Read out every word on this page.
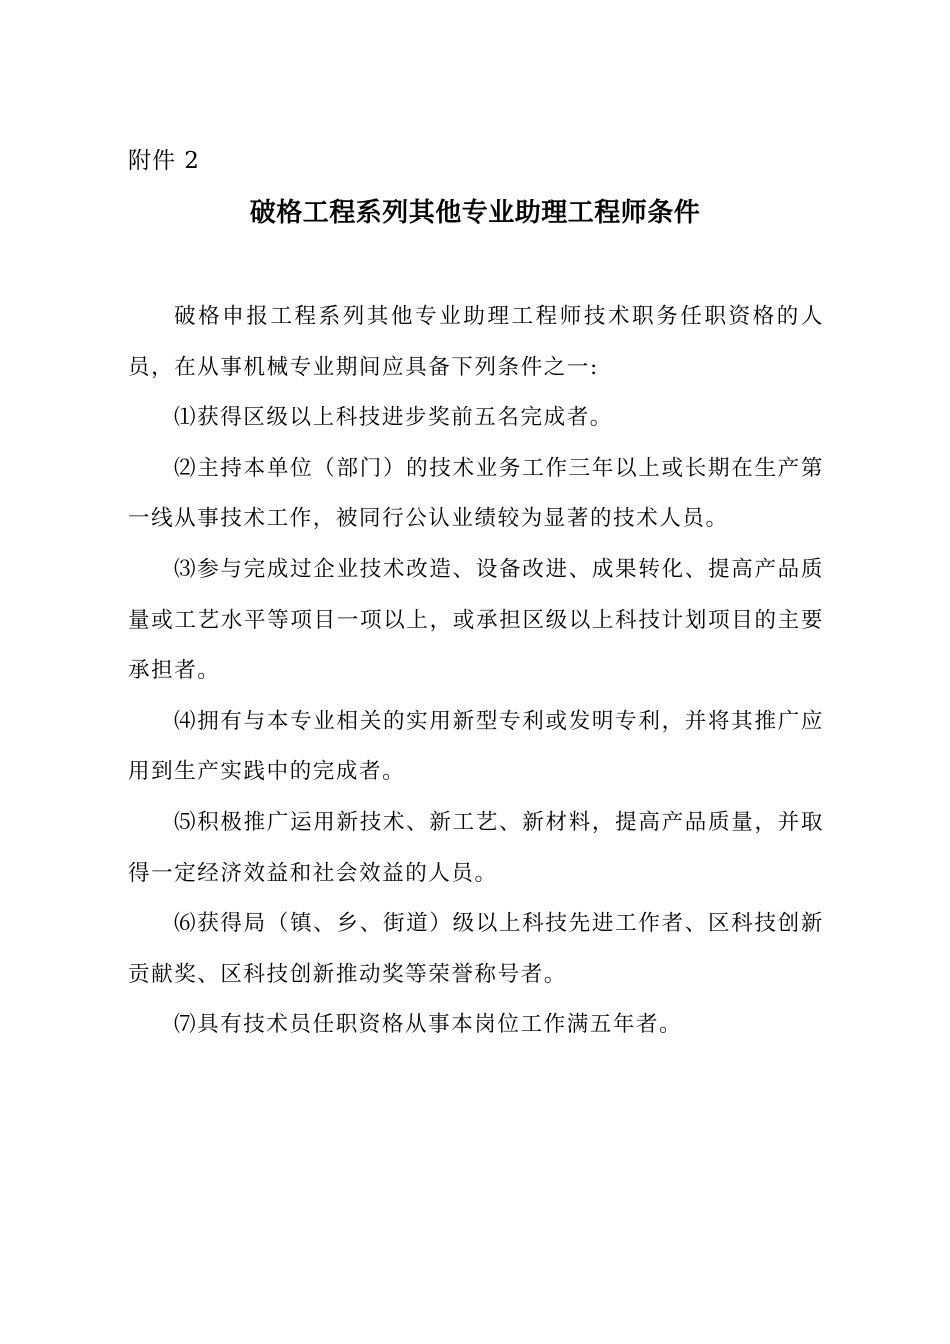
附件 2
破格工程系列其他专业助理工程师条件

破格申报工程系列其他专业助理工程师技术职务任职资格的人员，在从事机械专业期间应具备下列条件之一:

⑴获得区级以上科技进步奖前五名完成者。

⑵主持本单位（部门）的技术业务工作三年以上或长期在生产第一线从事技术工作，被同行公认业绩较为显著的技术人员。

⑶参与完成过企业技术改造、设备改进、成果转化、提高产品质量或工艺水平等项目一项以上，或承担区级以上科技计划项目的主要承担者。

⑷拥有与本专业相关的实用新型专利或发明专利，并将其推广应用到生产实践中的完成者。

⑸积极推广运用新技术、新工艺、新材料，提高产品质量，并取得一定经济效益和社会效益的人员。

⑹获得局（镇、乡、街道）级以上科技先进工作者、区科技创新贡献奖、区科技创新推动奖等荣誉称号者。

⑺具有技术员任职资格从事本岗位工作满五年者。
